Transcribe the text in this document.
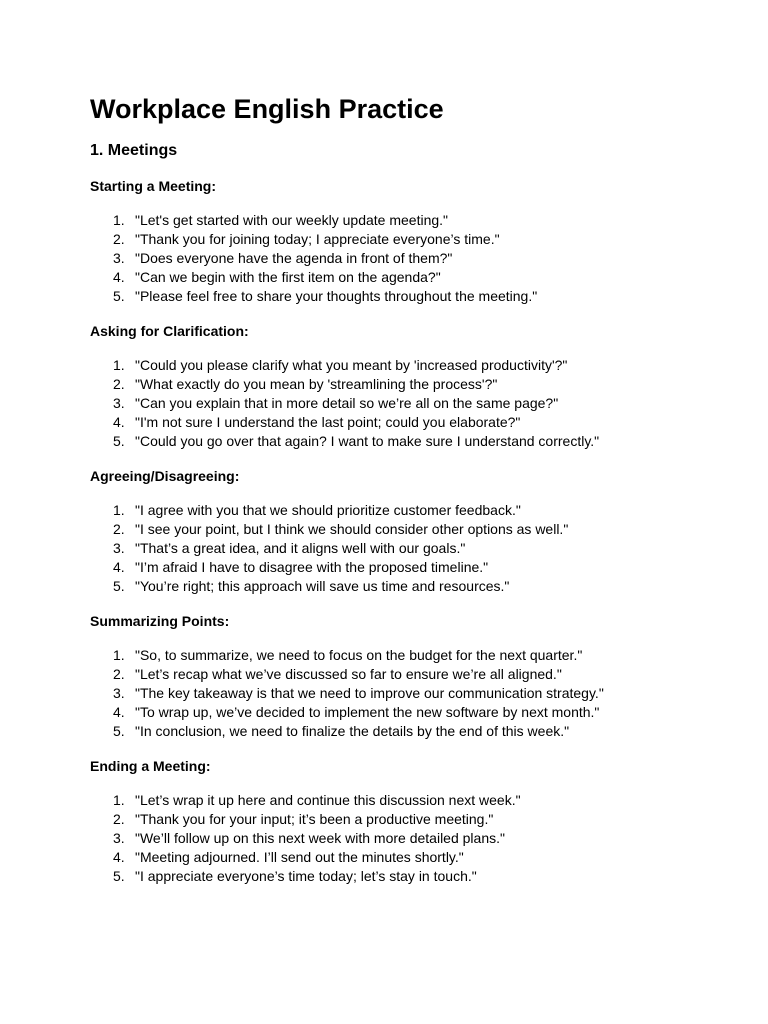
Workplace English Practice
1. Meetings
Starting a Meeting:
1. "Let's get started with our weekly update meeting."
2. "Thank you for joining today; I appreciate everyone’s time."
3. "Does everyone have the agenda in front of them?"
4. "Can we begin with the first item on the agenda?"
5. "Please feel free to share your thoughts throughout the meeting."
Asking for Clarification:
1. "Could you please clarify what you meant by 'increased productivity'?"
2. "What exactly do you mean by 'streamlining the process'?"
3. "Can you explain that in more detail so we’re all on the same page?"
4. "I'm not sure I understand the last point; could you elaborate?"
5. "Could you go over that again? I want to make sure I understand correctly."
Agreeing/Disagreeing:
1. "I agree with you that we should prioritize customer feedback."
2. "I see your point, but I think we should consider other options as well."
3. "That’s a great idea, and it aligns well with our goals."
4. "I’m afraid I have to disagree with the proposed timeline."
5. "You’re right; this approach will save us time and resources."
Summarizing Points:
1. "So, to summarize, we need to focus on the budget for the next quarter."
2. "Let’s recap what we’ve discussed so far to ensure we’re all aligned."
3. "The key takeaway is that we need to improve our communication strategy."
4. "To wrap up, we’ve decided to implement the new software by next month."
5. "In conclusion, we need to finalize the details by the end of this week."
Ending a Meeting:
1. "Let’s wrap it up here and continue this discussion next week."
2. "Thank you for your input; it’s been a productive meeting."
3. "We’ll follow up on this next week with more detailed plans."
4. "Meeting adjourned. I’ll send out the minutes shortly."
5. "I appreciate everyone’s time today; let’s stay in touch."
